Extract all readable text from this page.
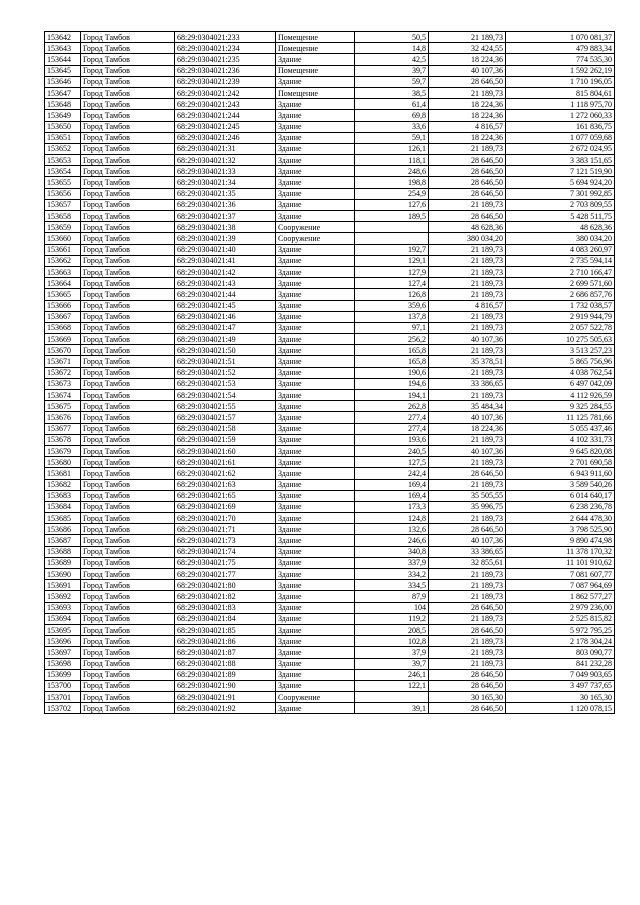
153642	Город Тамбов	68:29:0304021:233	Помещение	50,5	21 189,73	1 070 081,37
153643	Город Тамбов	68:29:0304021:234	Помещение	14,8	32 424,55	479 883,34
153644	Город Тамбов	68:29:0304021:235	Здание	42,5	18 224,36	774 535,30
153645	Город Тамбов	68:29:0304021:236	Помещение	39,7	40 107,36	1 592 262,19
153646	Город Тамбов	68:29:0304021:239	Здание	59,7	28 646,50	1 710 196,05
153647	Город Тамбов	68:29:0304021:242	Помещение	38,5	21 189,73	815 804,61
153648	Город Тамбов	68:29:0304021:243	Здание	61,4	18 224,36	1 118 975,70
153649	Город Тамбов	68:29:0304021:244	Здание	69,8	18 224,36	1 272 060,33
153650	Город Тамбов	68:29:0304021:245	Здание	33,6	4 816,57	161 836,75
153651	Город Тамбов	68:29:0304021:246	Здание	59,1	18 224,36	1 077 059,68
153652	Город Тамбов	68:29:0304021:31	Здание	126,1	21 189,73	2 672 024,95
153653	Город Тамбов	68:29:0304021:32	Здание	118,1	28 646,50	3 383 151,65
153654	Город Тамбов	68:29:0304021:33	Здание	248,6	28 646,50	7 121 519,90
153655	Город Тамбов	68:29:0304021:34	Здание	198,8	28 646,50	5 694 924,20
153656	Город Тамбов	68:29:0304021:35	Здание	254,9	28 646,50	7 301 992,85
153657	Город Тамбов	68:29:0304021:36	Здание	127,6	21 189,73	2 703 809,55
153658	Город Тамбов	68:29:0304021:37	Здание	189,5	28 646,50	5 428 511,75
153659	Город Тамбов	68:29:0304021:38	Сооружение		48 628,36	48 628,36
153660	Город Тамбов	68:29:0304021:39	Сооружение		380 034,20	380 034,20
153661	Город Тамбов	68:29:0304021:40	Здание	192,7	21 189,73	4 083 260,97
153662	Город Тамбов	68:29:0304021:41	Здание	129,1	21 189,73	2 735 594,14
153663	Город Тамбов	68:29:0304021:42	Здание	127,9	21 189,73	2 710 166,47
153664	Город Тамбов	68:29:0304021:43	Здание	127,4	21 189,73	2 699 571,60
153665	Город Тамбов	68:29:0304021:44	Здание	126,8	21 189,73	2 686 857,76
153666	Город Тамбов	68:29:0304021:45	Здание	359,6	4 816,57	1 732 038,57
153667	Город Тамбов	68:29:0304021:46	Здание	137,8	21 189,73	2 919 944,79
153668	Город Тамбов	68:29:0304021:47	Здание	97,1	21 189,73	2 057 522,78
153669	Город Тамбов	68:29:0304021:49	Здание	256,2	40 107,36	10 275 505,63
153670	Город Тамбов	68:29:0304021:50	Здание	165,8	21 189,73	3 513 257,23
153671	Город Тамбов	68:29:0304021:51	Здание	165,8	35 378,51	5 865 756,96
153672	Город Тамбов	68:29:0304021:52	Здание	190,6	21 189,73	4 038 762,54
153673	Город Тамбов	68:29:0304021:53	Здание	194,6	33 386,65	6 497 042,09
153674	Город Тамбов	68:29:0304021:54	Здание	194,1	21 189,73	4 112 926,59
153675	Город Тамбов	68:29:0304021:55	Здание	262,8	35 484,34	9 325 284,55
153676	Город Тамбов	68:29:0304021:57	Здание	277,4	40 107,36	11 125 781,66
153677	Город Тамбов	68:29:0304021:58	Здание	277,4	18 224,36	5 055 437,46
153678	Город Тамбов	68:29:0304021:59	Здание	193,6	21 189,73	4 102 331,73
153679	Город Тамбов	68:29:0304021:60	Здание	240,5	40 107,36	9 645 820,08
153680	Город Тамбов	68:29:0304021:61	Здание	127,5	21 189,73	2 701 690,58
153681	Город Тамбов	68:29:0304021:62	Здание	242,4	28 646,50	6 943 911,60
153682	Город Тамбов	68:29:0304021:63	Здание	169,4	21 189,73	3 589 540,26
153683	Город Тамбов	68:29:0304021:65	Здание	169,4	35 505,55	6 014 640,17
153684	Город Тамбов	68:29:0304021:69	Здание	173,3	35 996,75	6 238 236,78
153685	Город Тамбов	68:29:0304021:70	Здание	124,8	21 189,73	2 644 478,30
153686	Город Тамбов	68:29:0304021:71	Здание	132,6	28 646,50	3 798 525,90
153687	Город Тамбов	68:29:0304021:73	Здание	246,6	40 107,36	9 890 474,98
153688	Город Тамбов	68:29:0304021:74	Здание	340,8	33 386,65	11 378 170,32
153689	Город Тамбов	68:29:0304021:75	Здание	337,9	32 855,61	11 101 910,62
153690	Город Тамбов	68:29:0304021:77	Здание	334,2	21 189,73	7 081 607,77
153691	Город Тамбов	68:29:0304021:80	Здание	334,5	21 189,73	7 087 964,69
153692	Город Тамбов	68:29:0304021:82	Здание	87,9	21 189,73	1 862 577,27
153693	Город Тамбов	68:29:0304021:83	Здание	104	28 646,50	2 979 236,00
153694	Город Тамбов	68:29:0304021:84	Здание	119,2	21 189,73	2 525 815,82
153695	Город Тамбов	68:29:0304021:85	Здание	208,5	28 646,50	5 972 795,25
153696	Город Тамбов	68:29:0304021:86	Здание	102,8	21 189,73	2 178 304,24
153697	Город Тамбов	68:29:0304021:87	Здание	37,9	21 189,73	803 090,77
153698	Город Тамбов	68:29:0304021:88	Здание	39,7	21 189,73	841 232,28
153699	Город Тамбов	68:29:0304021:89	Здание	246,1	28 646,50	7 049 903,65
153700	Город Тамбов	68:29:0304021:90	Здание	122,1	28 646,50	3 497 737,65
153701	Город Тамбов	68:29:0304021:91	Сооружение		30 165,30	30 165,30
153702	Город Тамбов	68:29:0304021:92	Здание	39,1	28 646,50	1 120 078,15
